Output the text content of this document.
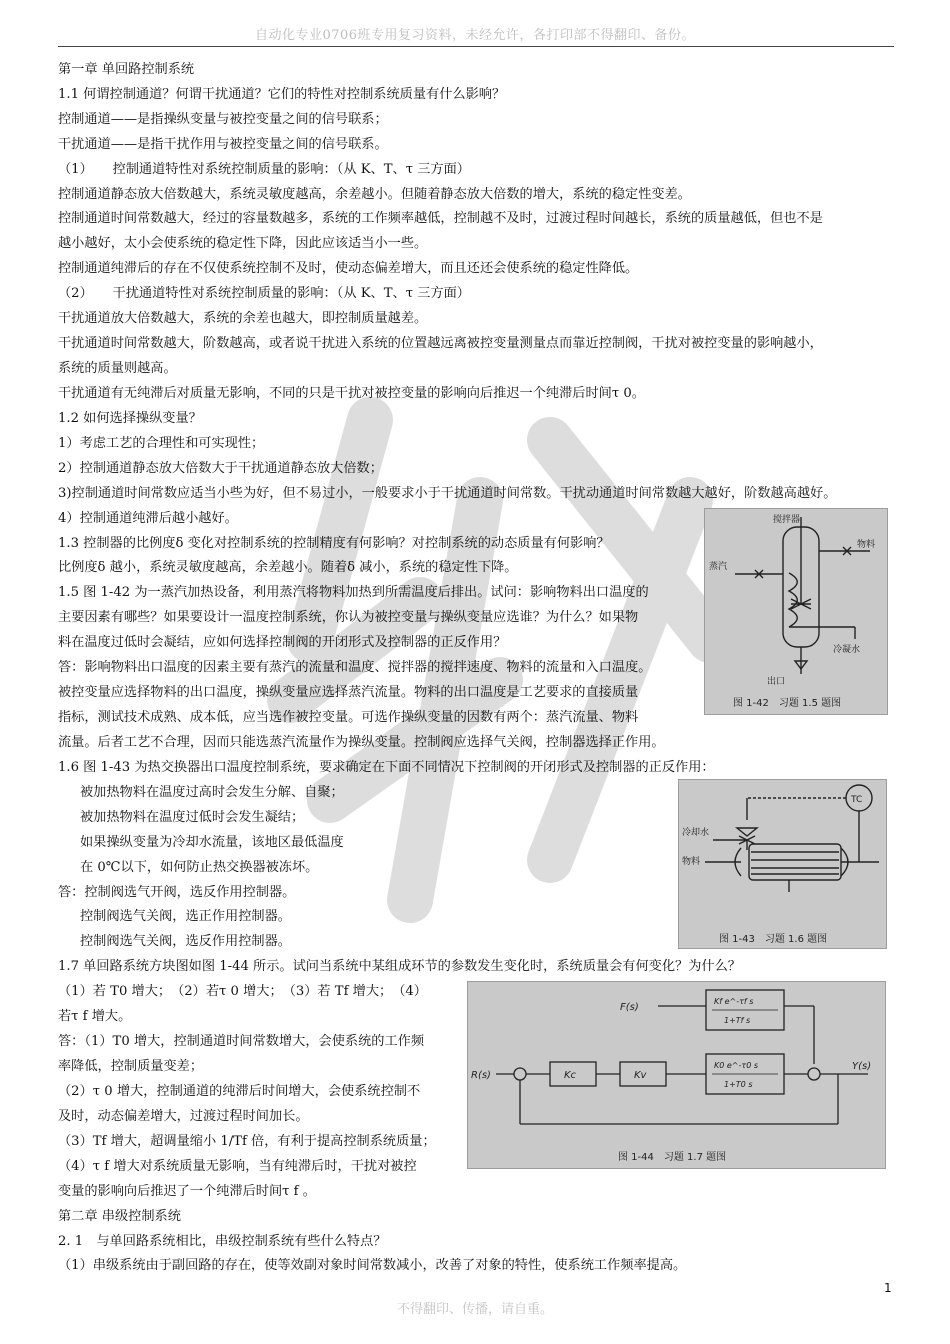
自动化专业0706班专用复习资料，未经允许，各打印部不得翻印、备份。
第一章 单回路控制系统
1.1 何谓控制通道？何谓干扰通道？它们的特性对控制系统质量有什么影响？
控制通道——是指操纵变量与被控变量之间的信号联系；
干扰通道——是指干扰作用与被控变量之间的信号联系。
（1）　　控制通道特性对系统控制质量的影响：（从 K、T、τ 三方面）
控制通道静态放大倍数越大，系统灵敏度越高，余差越小。但随着静态放大倍数的增大，系统的稳定性变差。
控制通道时间常数越大，经过的容量数越多，系统的工作频率越低，控制越不及时，过渡过程时间越长，系统的质量越低，但也不是
越小越好，太小会使系统的稳定性下降，因此应该适当小一些。
控制通道纯滞后的存在不仅使系统控制不及时，使动态偏差增大，而且还还会使系统的稳定性降低。
（2）　　干扰通道特性对系统控制质量的影响：（从 K、T、τ 三方面）
干扰通道放大倍数越大，系统的余差也越大，即控制质量越差。
干扰通道时间常数越大，阶数越高，或者说干扰进入系统的位置越远离被控变量测量点而靠近控制阀，干扰对被控变量的影响越小，
系统的质量则越高。
干扰通道有无纯滞后对质量无影响，不同的只是干扰对被控变量的影响向后推迟一个纯滞后时间τ 0。
1.2 如何选择操纵变量？
1）考虑工艺的合理性和可实现性；
2）控制通道静态放大倍数大于干扰通道静态放大倍数；
3)控制通道时间常数应适当小些为好，但不易过小，一般要求小于干扰通道时间常数。干扰动通道时间常数越大越好，阶数越高越好。
4）控制通道纯滞后越小越好。
1.3 控制器的比例度δ 变化对控制系统的控制精度有何影响？对控制系统的动态质量有何影响？
比例度δ 越小，系统灵敏度越高，余差越小。随着δ 减小，系统的稳定性下降。
1.5 图 1-42 为一蒸汽加热设备，利用蒸汽将物料加热到所需温度后排出。试问：影响物料出口温度的
主要因素有哪些？如果要设计一温度控制系统，你认为被控变量与操纵变量应选谁？为什么？如果物
料在温度过低时会凝结，应如何选择控制阀的开闭形式及控制器的正反作用？
答：影响物料出口温度的因素主要有蒸汽的流量和温度、搅拌器的搅拌速度、物料的流量和入口温度。
被控变量应选择物料的出口温度，操纵变量应选择蒸汽流量。物料的出口温度是工艺要求的直接质量
指标，测试技术成熟、成本低，应当选作被控变量。可选作操纵变量的因数有两个：蒸汽流量、物料
流量。后者工艺不合理，因而只能选蒸汽流量作为操纵变量。控制阀应选择气关阀，控制器选择正作用。
1.6 图 1-43 为热交换器出口温度控制系统，要求确定在下面不同情况下控制阀的开闭形式及控制器的正反作用：
被加热物料在温度过高时会发生分解、自聚；
被加热物料在温度过低时会发生凝结；
如果操纵变量为冷却水流量，该地区最低温度
在 0℃以下，如何防止热交换器被冻坏。
答：控制阀选气开阀，选反作用控制器。
控制阀选气关阀，选正作用控制器。
控制阀选气关阀，选反作用控制器。
1.7 单回路系统方块图如图 1-44 所示。试问当系统中某组成环节的参数发生变化时，系统质量会有何变化？为什么？
（1）若 T0 增大；　（2）若τ 0 增大；　（3）若 Tf 增大；　（4）
若τ f 增大。
答：（1）T0 增大，控制通道时间常数增大，会使系统的工作频
率降低，控制质量变差；
（2）τ 0 增大，控制通道的纯滞后时间增大，会使系统控制不
及时，动态偏差增大，过渡过程时间加长。
（3）Tf 增大，超调量缩小 1/Tf 倍，有利于提高控制系统质量；
（4）τ f 增大对系统质量无影响，当有纯滞后时，干扰对被控
变量的影响向后推迟了一个纯滞后时间τ f 。
第二章 串级控制系统
2. 1　与单回路系统相比，串级控制系统有些什么特点？
（1）串级系统由于副回路的存在，使等效副对象时间常数减小，改善了对象的特性，使系统工作频率提高。
搅拌器
物料
蒸汽
冷凝水
出口
图 1-42　习题 1.5 题图
TC
冷却水
物料
图 1-43　习题 1.6 题图
F(s)
R(s)
Y(s)
Kc	Kv
Kf e^-τf s
1+Tf s
K0 e^-τ0 s
1+T0 s
图 1-44　习题 1.7 题图
1
不得翻印、传播，请自重。
